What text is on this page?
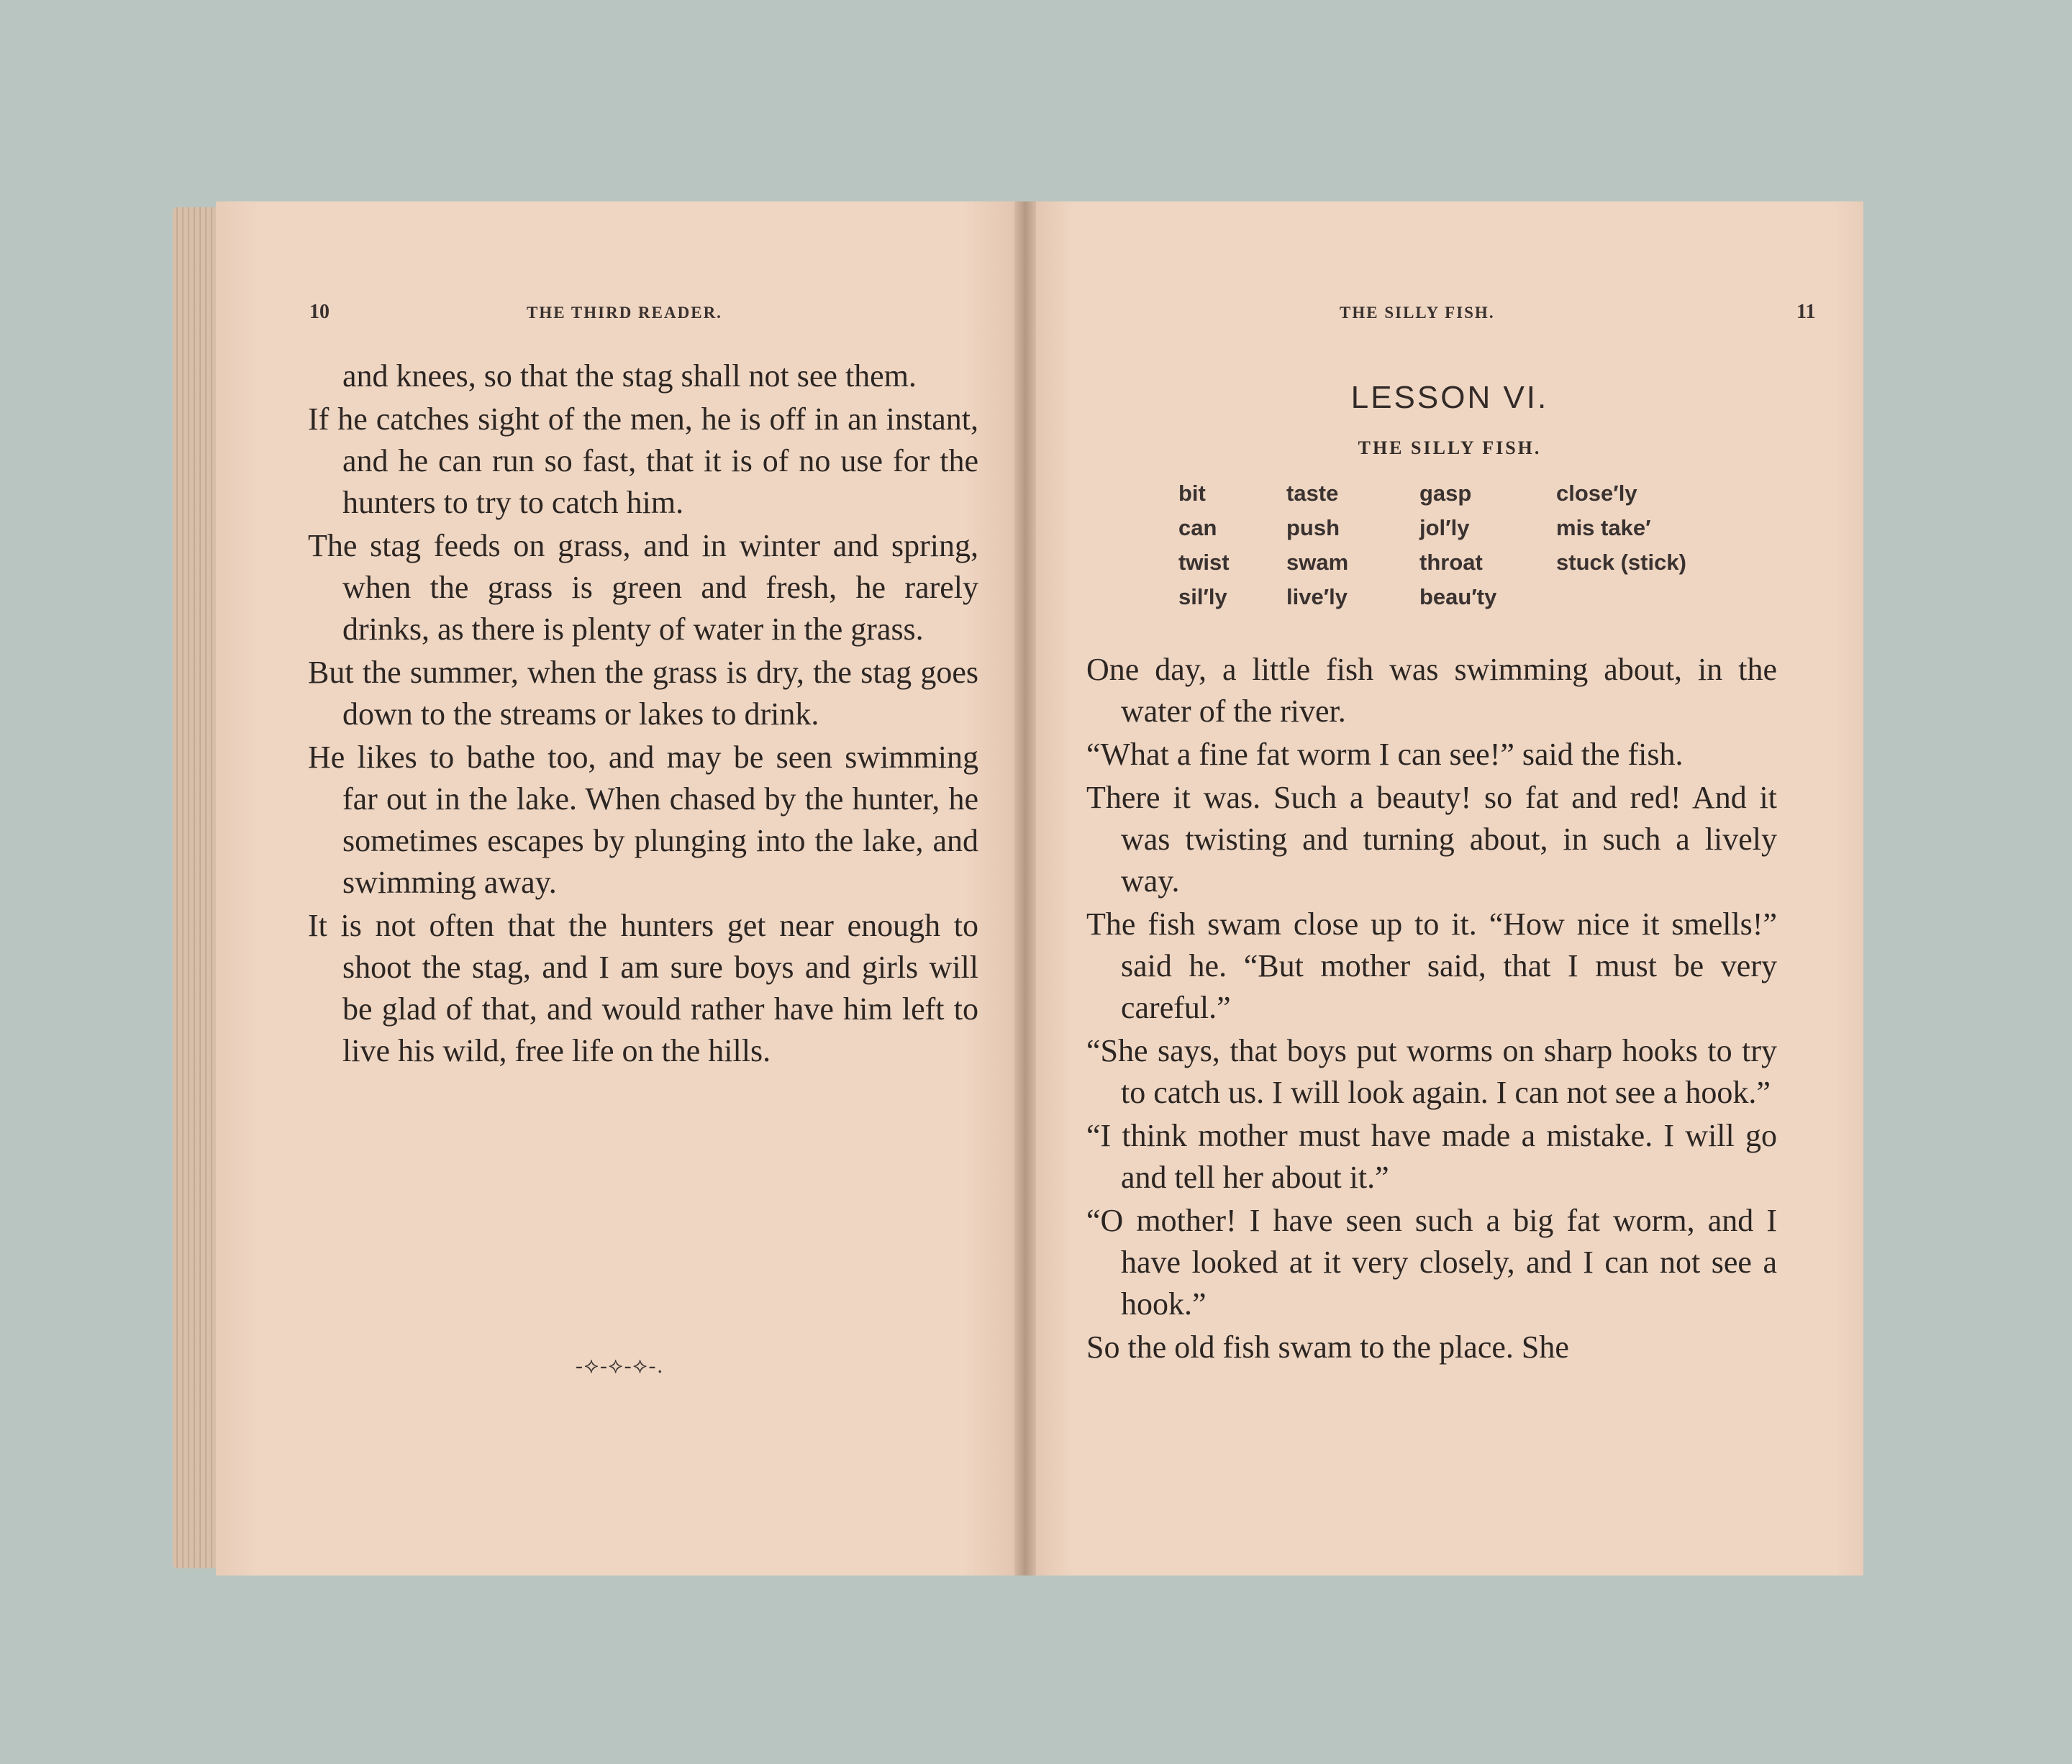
10	THE THIRD READER.

and knees, so that the stag shall not see them.

If he catches sight of the men, he is off in an instant, and he can run so fast, that it is of no use for the hunters to try to catch him.

The stag feeds on grass, and in winter and spring, when the grass is green and fresh, he rarely drinks, as there is plenty of water in the grass.

But the summer, when the grass is dry, the stag goes down to the streams or lakes to drink.

He likes to bathe too, and may be seen swimming far out in the lake. When chased by the hunter, he sometimes escapes by plunging into the lake, and swimming away.

It is not often that the hunters get near enough to shoot the stag, and I am sure boys and girls will be glad of that, and would rather have him left to live his wild, free life on the hills.

-⟡-⟡-⟡-.
THE SILLY FISH.	11
LESSON VI.
THE SILLY FISH.
bit	taste	gasp	close′ly
can	push	jol′ly	mis take′
twist	swam	throat	stuck (stick)
sil′ly	live′ly	beau′ty

One day, a little fish was swimming about, in the water of the river.

“What a fine fat worm I can see!” said the fish.

There it was. Such a beauty! so fat and red! And it was twisting and turning about, in such a lively way.

The fish swam close up to it. “How nice it smells!” said he. “But mother said, that I must be very careful.”

“She says, that boys put worms on sharp hooks to try to catch us. I will look again. I can not see a hook.”

“I think mother must have made a mistake. I will go and tell her about it.”

“O mother! I have seen such a big fat worm, and I have looked at it very closely, and I can not see a hook.”

So the old fish swam to the place. She
